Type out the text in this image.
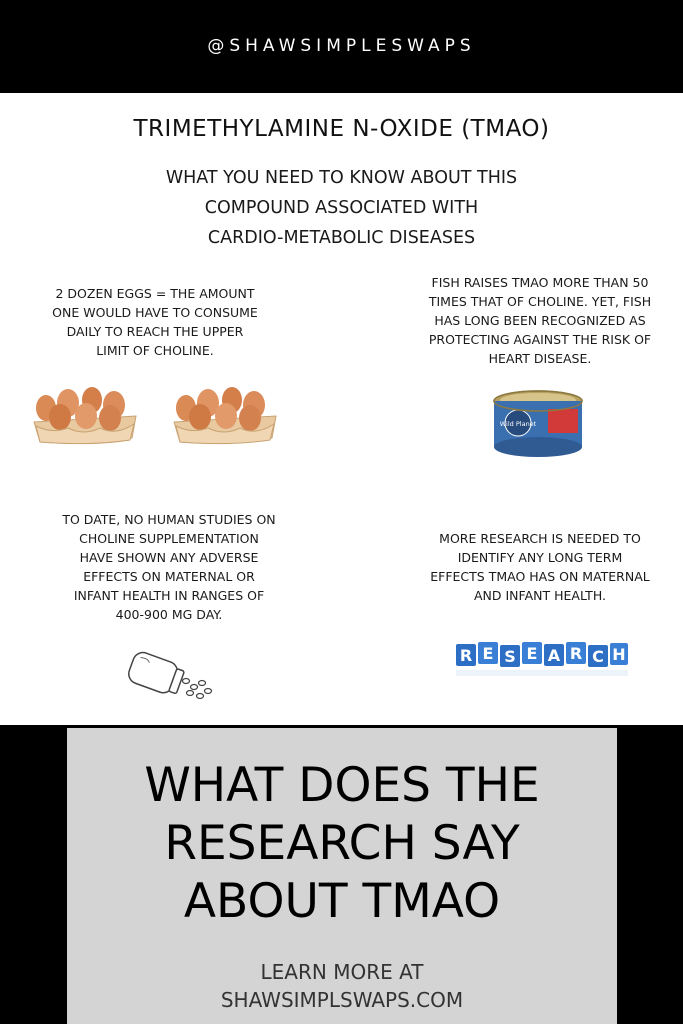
@SHAWSIMPLESWAPS
TRIMETHYLAMINE N-OXIDE (TMAO)
WHAT YOU NEED TO KNOW ABOUT THIS
COMPOUND ASSOCIATED WITH
CARDIO-METABOLIC DISEASES
2 DOZEN EGGS = THE AMOUNT
ONE WOULD HAVE TO CONSUME
DAILY TO REACH THE UPPER
LIMIT OF CHOLINE.
FISH RAISES TMAO MORE THAN 50
TIMES THAT OF CHOLINE. YET, FISH
HAS LONG BEEN RECOGNIZED AS
PROTECTING AGAINST THE RISK OF
HEART DISEASE.
TO DATE, NO HUMAN STUDIES ON
CHOLINE SUPPLEMENTATION
HAVE SHOWN ANY ADVERSE
EFFECTS ON MATERNAL OR
INFANT HEALTH IN RANGES OF
400-900 MG DAY.
MORE RESEARCH IS NEEDED TO
IDENTIFY ANY LONG TERM
EFFECTS TMAO HAS ON MATERNAL
AND INFANT HEALTH.
Wild Planet
R E S E A R C H
WHAT DOES THE
RESEARCH SAY
ABOUT TMAO
LEARN MORE AT
SHAWSIMPLSWAPS.COM
